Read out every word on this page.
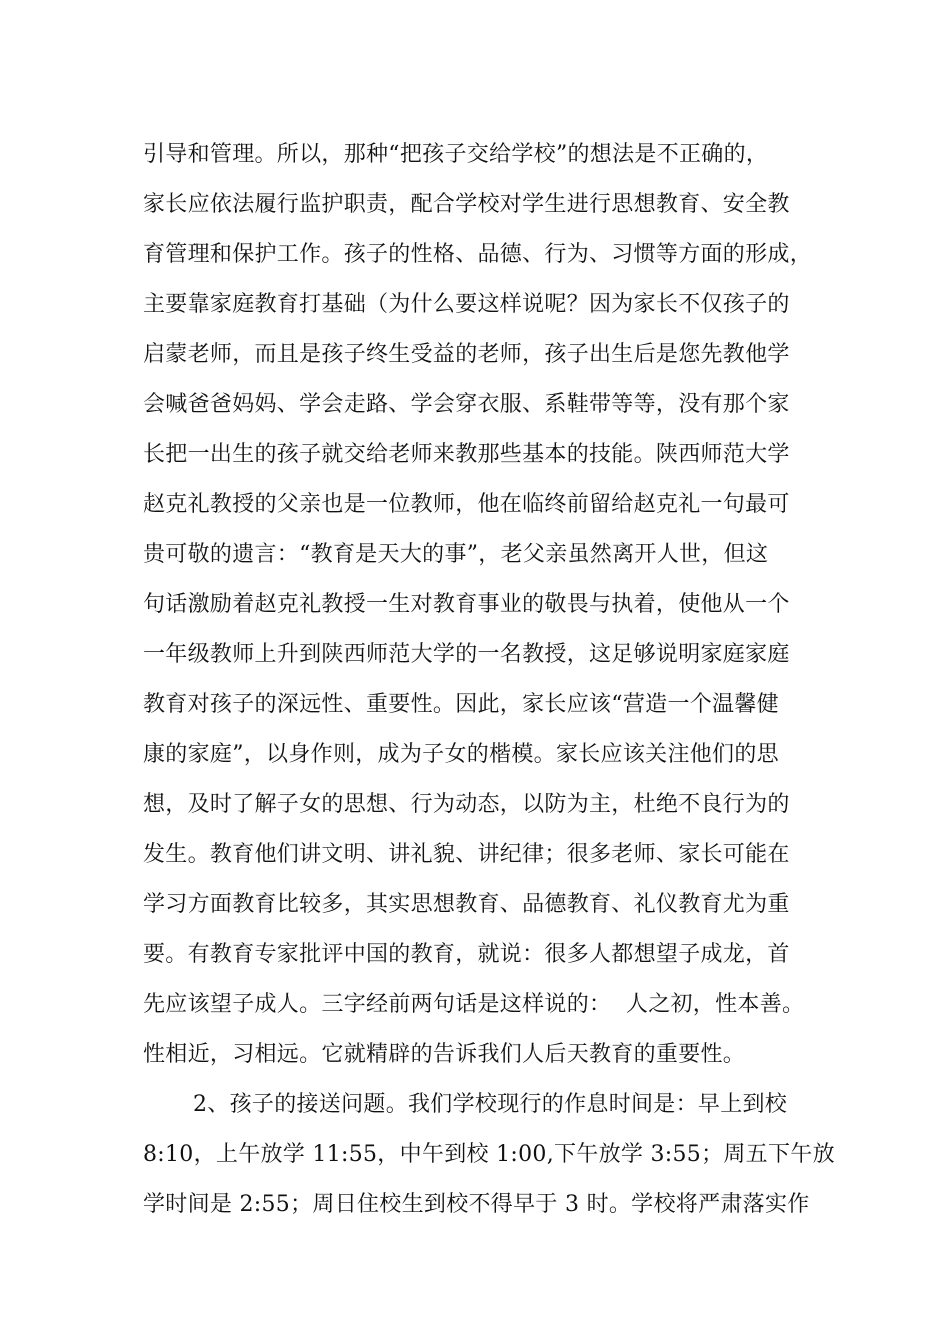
引导和管理。所以，那种“把孩子交给学校”的想法是不正确的，
家长应依法履行监护职责，配合学校对学生进行思想教育、安全教
育管理和保护工作。孩子的性格、品德、行为、习惯等方面的形成，
主要靠家庭教育打基础（为什么要这样说呢？因为家长不仅孩子的
启蒙老师，而且是孩子终生受益的老师，孩子出生后是您先教他学
会喊爸爸妈妈、学会走路、学会穿衣服、系鞋带等等，没有那个家
长把一出生的孩子就交给老师来教那些基本的技能。陕西师范大学
赵克礼教授的父亲也是一位教师，他在临终前留给赵克礼一句最可
贵可敬的遗言：“教育是天大的事”，老父亲虽然离开人世，但这
句话激励着赵克礼教授一生对教育事业的敬畏与执着，使他从一个
一年级教师上升到陕西师范大学的一名教授，这足够说明家庭家庭
教育对孩子的深远性、重要性。因此，家长应该“营造一个温馨健
康的家庭”，以身作则，成为子女的楷模。家长应该关注他们的思
想，及时了解子女的思想、行为动态，以防为主，杜绝不良行为的
发生。教育他们讲文明、讲礼貌、讲纪律；很多老师、家长可能在
学习方面教育比较多，其实思想教育、品德教育、礼仪教育尤为重
要。有教育专家批评中国的教育，就说：很多人都想望子成龙，首
先应该望子成人。三字经前两句话是这样说的：  人之初，性本善。
性相近，习相远。它就精辟的告诉我们人后天教育的重要性。
2、孩子的接送问题。我们学校现行的作息时间是：早上到校
8:10，上午放学 11:55，中午到校 1:00,下午放学 3:55；周五下午放
学时间是 2:55；周日住校生到校不得早于 3 时。学校将严肃落实作
